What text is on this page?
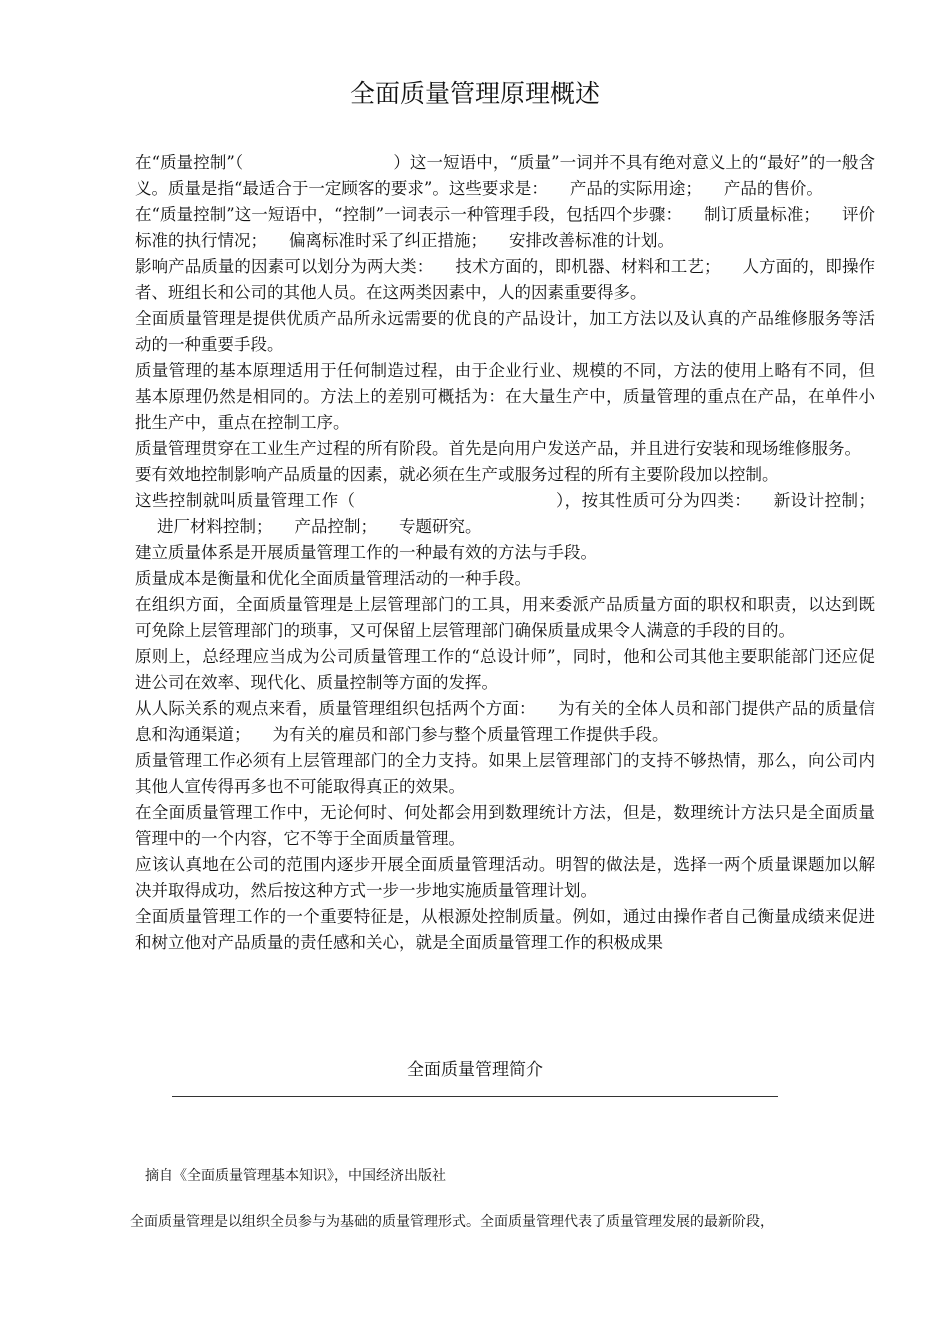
全面质量管理原理概述

在“质量控制”（	）这一短语中，“质量”一词并不具有绝对意义上的“最好”的一般含义。质量是指“最适合于一定顾客的要求”。这些要求是： 产品的实际用途； 产品的售价。

在“质量控制”这一短语中，“控制”一词表示一种管理手段，包括四个步骤： 制订质量标准； 评价标准的执行情况； 偏离标准时采了纠正措施； 安排改善标准的计划。

影响产品质量的因素可以划分为两大类： 技术方面的，即机器、材料和工艺； 人方面的，即操作者、班组长和公司的其他人员。在这两类因素中，人的因素重要得多。

全面质量管理是提供优质产品所永远需要的优良的产品设计，加工方法以及认真的产品维修服务等活动的一种重要手段。

质量管理的基本原理适用于任何制造过程，由于企业行业、规模的不同，方法的使用上略有不同，但基本原理仍然是相同的。方法上的差别可概括为：在大量生产中，质量管理的重点在产品，在单件小批生产中，重点在控制工序。

质量管理贯穿在工业生产过程的所有阶段。首先是向用户发送产品，并且进行安装和现场维修服务。

要有效地控制影响产品质量的因素，就必须在生产或服务过程的所有主要阶段加以控制。

这些控制就叫质量管理工作（	），按其性质可分为四类： 新设计控制；进厂材料控制； 产品控制； 专题研究。

建立质量体系是开展质量管理工作的一种最有效的方法与手段。

质量成本是衡量和优化全面质量管理活动的一种手段。

在组织方面，全面质量管理是上层管理部门的工具，用来委派产品质量方面的职权和职责，以达到既可免除上层管理部门的琐事，又可保留上层管理部门确保质量成果令人满意的手段的目的。

原则上，总经理应当成为公司质量管理工作的“总设计师”，同时，他和公司其他主要职能部门还应促进公司在效率、现代化、质量控制等方面的发挥。

从人际关系的观点来看，质量管理组织包括两个方面： 为有关的全体人员和部门提供产品的质量信息和沟通渠道； 为有关的雇员和部门参与整个质量管理工作提供手段。

质量管理工作必须有上层管理部门的全力支持。如果上层管理部门的支持不够热情，那么，向公司内其他人宣传得再多也不可能取得真正的效果。

在全面质量管理工作中，无论何时、何处都会用到数理统计方法，但是，数理统计方法只是全面质量管理中的一个内容，它不等于全面质量管理。

应该认真地在公司的范围内逐步开展全面质量管理活动。明智的做法是，选择一两个质量课题加以解决并取得成功，然后按这种方式一步一步地实施质量管理计划。

全面质量管理工作的一个重要特征是，从根源处控制质量。例如，通过由操作者自己衡量成绩来促进和树立他对产品质量的责任感和关心，就是全面质量管理工作的积极成果

全面质量管理简介
摘自《全面质量管理基本知识》，中国经济出版社
全面质量管理是以组织全员参与为基础的质量管理形式。全面质量管理代表了质量管理发展的最新阶段，
